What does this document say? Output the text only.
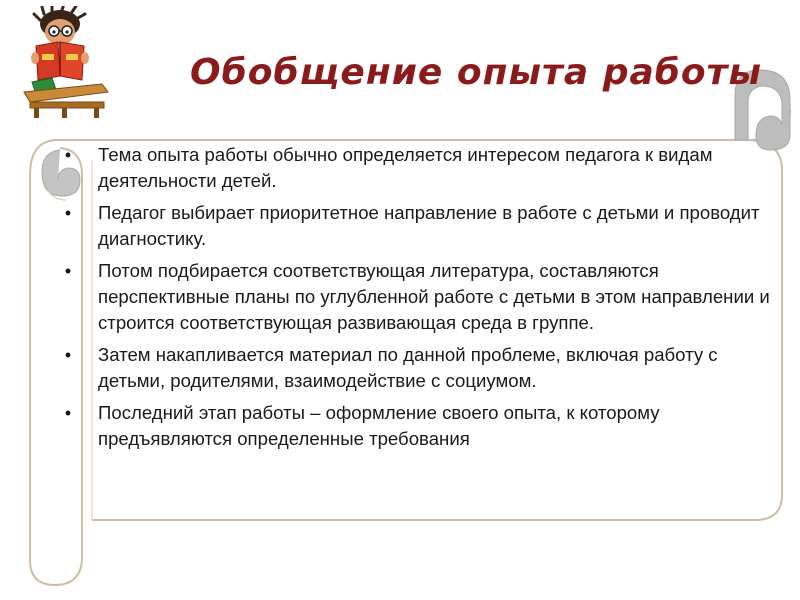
Обобщение опыта работы
• Тема опыта работы обычно определяется интересом педагога к видам деятельности детей.
• Педагог выбирает приоритетное направление в работе с детьми и проводит диагностику.
• Потом подбирается соответствующая литература, составляются перспективные планы по углубленной работе с детьми в этом направлении и строится соответствующая развивающая среда в группе.
• Затем накапливается материал по данной проблеме, включая работу с детьми, родителями, взаимодействие с социумом.
• Последний этап работы – оформление своего опыта, к которому предъявляются определенные требования
